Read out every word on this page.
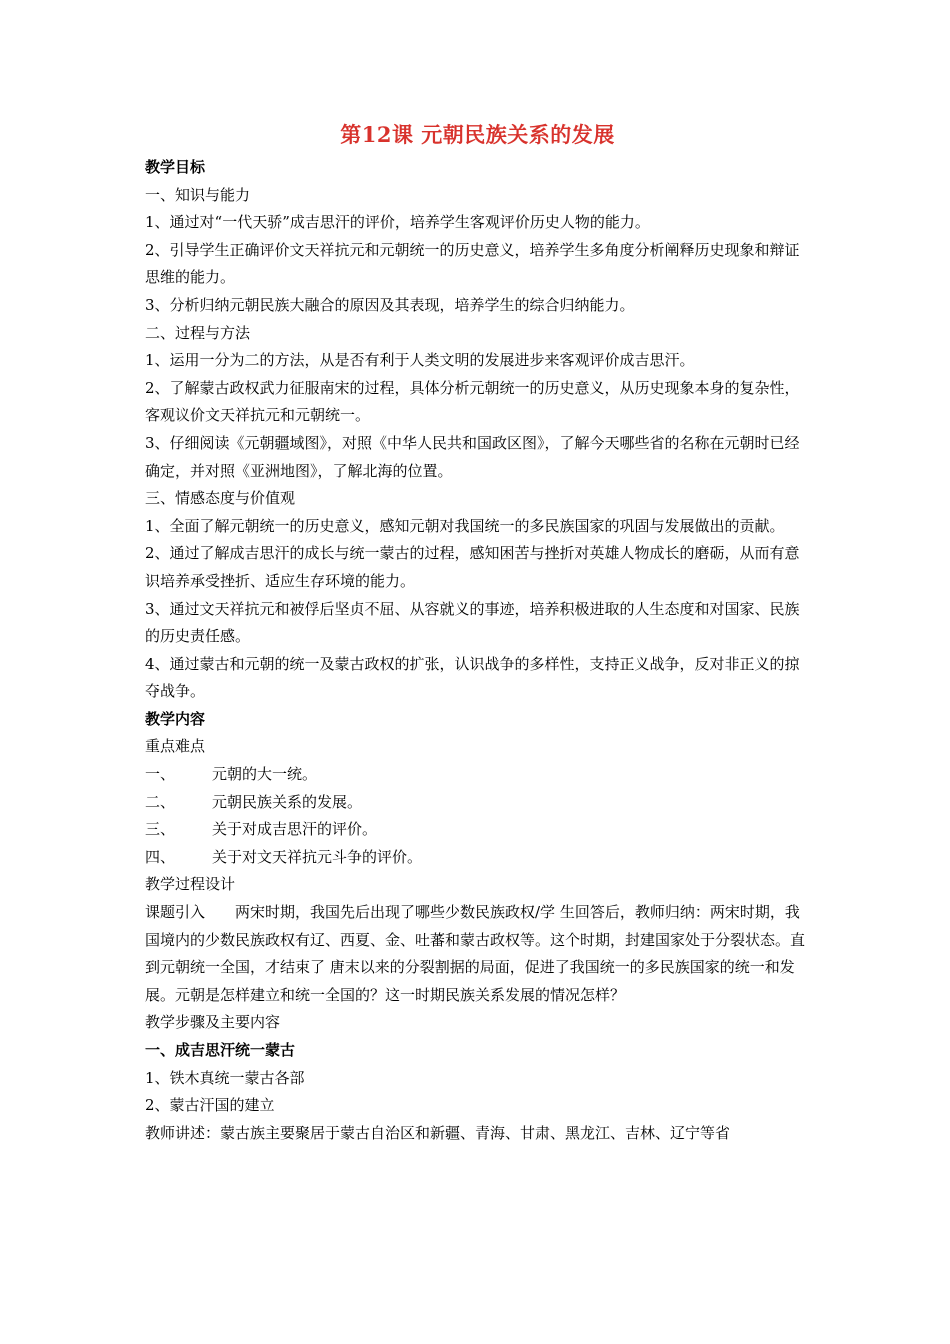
第12课 元朝民族关系的发展

教学目标

一、知识与能力

1、通过对“一代天骄”成吉思汗的评价，培养学生客观评价历史人物的能力。

2、引导学生正确评价文天祥抗元和元朝统一的历史意义，培养学生多角度分析阐释历史现象和辩证思维的能力。

3、分析归纳元朝民族大融合的原因及其表现，培养学生的综合归纳能力。

二、过程与方法

1、运用一分为二的方法，从是否有利于人类文明的发展进步来客观评价成吉思汗。

2、了解蒙古政权武力征服南宋的过程，具体分析元朝统一的历史意义，从历史现象本身的复杂性，客观议价文天祥抗元和元朝统一。

3、仔细阅读《元朝疆域图》，对照《中华人民共和国政区图》，了解今天哪些省的名称在元朝时已经确定，并对照《亚洲地图》，了解北海的位置。

三、情感态度与价值观

1、全面了解元朝统一的历史意义，感知元朝对我国统一的多民族国家的巩固与发展做出的贡献。

2、通过了解成吉思汗的成长与统一蒙古的过程，感知困苦与挫折对英雄人物成长的磨砺，从而有意识培养承受挫折、适应生存环境的能力。

3、通过文天祥抗元和被俘后坚贞不屈、从容就义的事迹，培养积极进取的人生态度和对国家、民族的历史责任感。

4、通过蒙古和元朝的统一及蒙古政权的扩张，认识战争的多样性，支持正义战争，反对非正义的掠夺战争。

教学内容

重点难点

一、 元朝的大一统。

二、 元朝民族关系的发展。

三、 关于对成吉思汗的评价。

四、 关于对文天祥抗元斗争的评价。

教学过程设计

课题引入　　两宋时期，我国先后出现了哪些少数民族政权/学 生回答后，教师归纳：两宋时期，我国境内的少数民族政权有辽、西夏、金、吐蕃和蒙古政权等。这个时期，封建国家处于分裂状态。直到元朝统一全国，才结束了 唐末以来的分裂割据的局面，促进了我国统一的多民族国家的统一和发展。元朝是怎样建立和统一全国的？这一时期民族关系发展的情况怎样？

教学步骤及主要内容

一、成吉思汗统一蒙古

1、铁木真统一蒙古各部

2、蒙古汗国的建立

教师讲述：蒙古族主要聚居于蒙古自治区和新疆、青海、甘肃、黑龙江、吉林、辽宁等省
